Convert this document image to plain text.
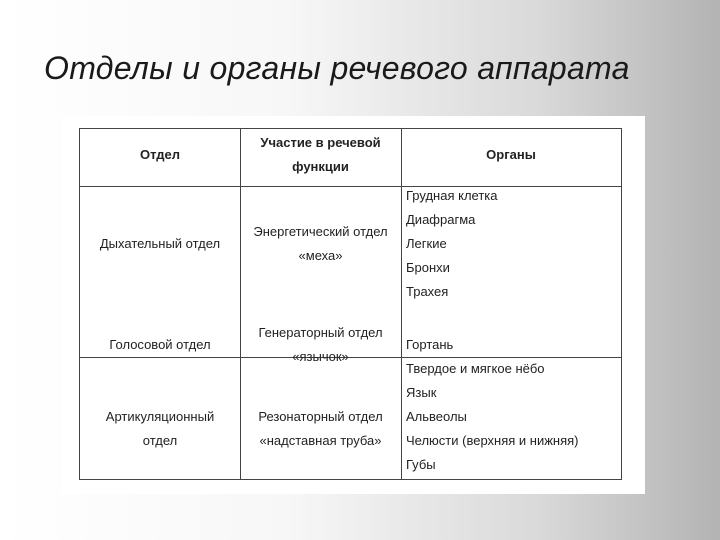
Отделы и органы речевого аппарата
Отдел
Участие в речевой
функции
Органы
Дыхательный отдел
Энергетический отдел
«меха»
Грудная клетка
Диафрагма
Легкие
Бронхи
Трахея
Голосовой отдел
Генераторный отдел
«язычок»
Гортань
Артикуляционный
отдел
Резонаторный отдел
«надставная труба»
Твердое и мягкое нёбо
Язык
Альвеолы
Челюсти (верхняя и нижняя)
Губы
